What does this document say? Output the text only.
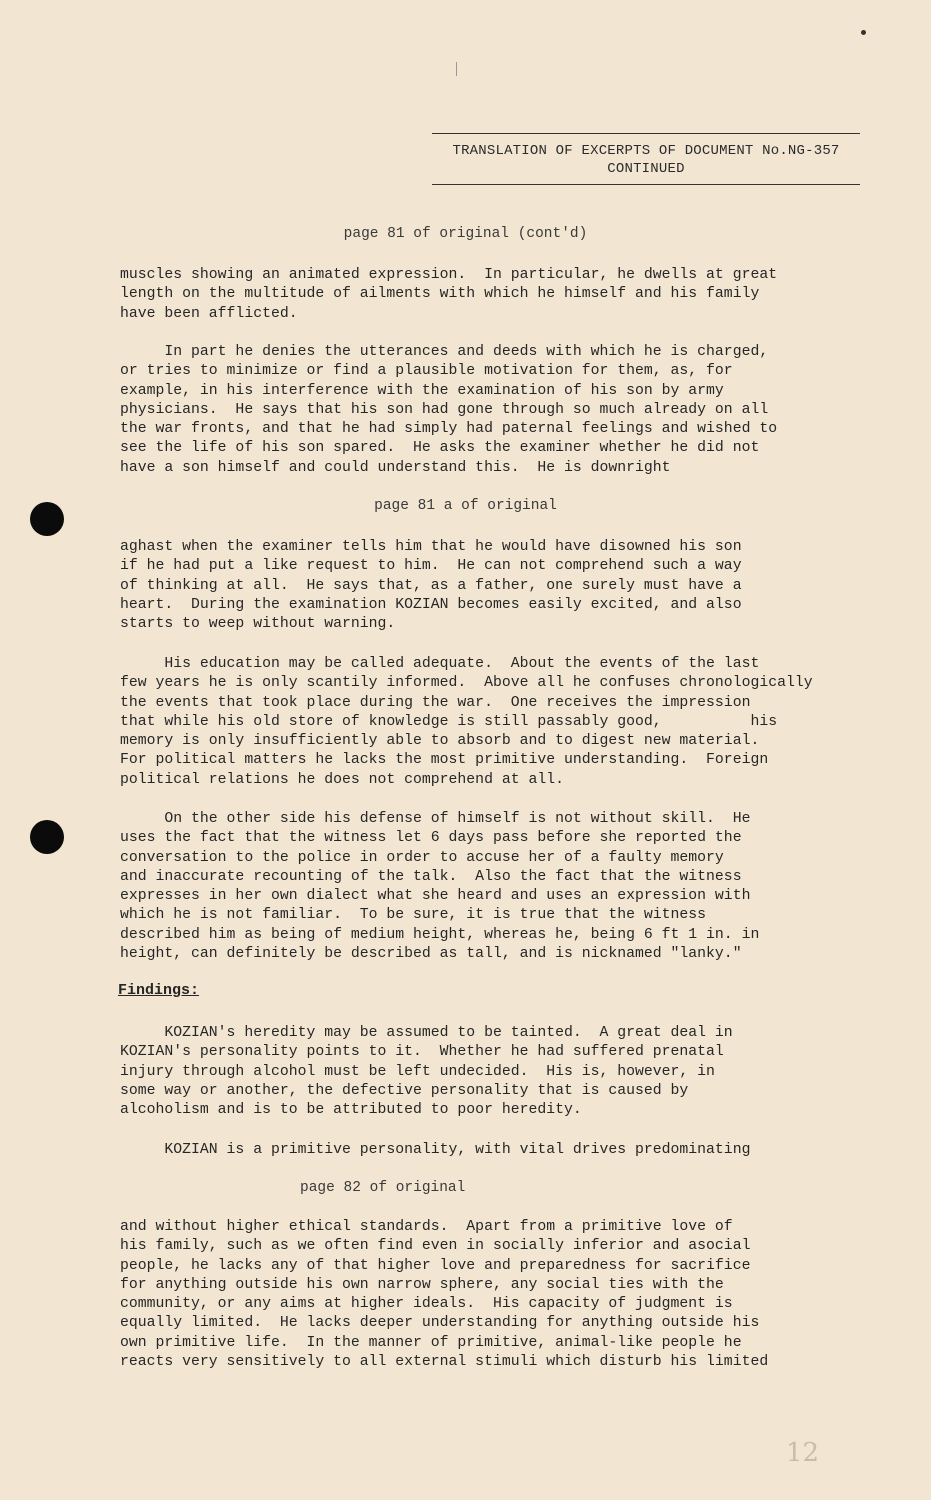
TRANSLATION OF EXCERPTS OF DOCUMENT No.NG-357
CONTINUED
page 81 of original (cont'd)

muscles showing an animated expression.  In particular, he dwells at great
length on the multitude of ailments with which he himself and his family
have been afflicted.

In part he denies the utterances and deeds with which he is charged,
or tries to minimize or find a plausible motivation for them, as, for
example, in his interference with the examination of his son by army
physicians.  He says that his son had gone through so much already on all
the war fronts, and that he had simply had paternal feelings and wished to
see the life of his son spared.  He asks the examiner whether he did not
have a son himself and could understand this.  He is downright

page 81 a of original

aghast when the examiner tells him that he would have disowned his son
if he had put a like request to him.  He can not comprehend such a way
of thinking at all.  He says that, as a father, one surely must have a
heart.  During the examination KOZIAN becomes easily excited, and also
starts to weep without warning.

His education may be called adequate.  About the events of the last
few years he is only scantily informed.  Above all he confuses chronologically
the events that took place during the war.  One receives the impression
that while his old store of knowledge is still passably good,          his
memory is only insufficiently able to absorb and to digest new material.
For political matters he lacks the most primitive understanding.  Foreign
political relations he does not comprehend at all.

On the other side his defense of himself is not without skill.  He
uses the fact that the witness let 6 days pass before she reported the
conversation to the police in order to accuse her of a faulty memory
and inaccurate recounting of the talk.  Also the fact that the witness
expresses in her own dialect what she heard and uses an expression with
which he is not familiar.  To be sure, it is true that the witness
described him as being of medium height, whereas he, being 6 ft 1 in. in
height, can definitely be described as tall, and is nicknamed "lanky."

Findings:

KOZIAN's heredity may be assumed to be tainted.  A great deal in
KOZIAN's personality points to it.  Whether he had suffered prenatal
injury through alcohol must be left undecided.  His is, however, in
some way or another, the defective personality that is caused by
alcoholism and is to be attributed to poor heredity.

KOZIAN is a primitive personality, with vital drives predominating

page 82 of original

and without higher ethical standards.  Apart from a primitive love of
his family, such as we often find even in socially inferior and asocial
people, he lacks any of that higher love and preparedness for sacrifice
for anything outside his own narrow sphere, any social ties with the
community, or any aims at higher ideals.  His capacity of judgment is
equally limited.  He lacks deeper understanding for anything outside his
own primitive life.  In the manner of primitive, animal-like people he
reacts very sensitively to all external stimuli which disturb his limited

12
